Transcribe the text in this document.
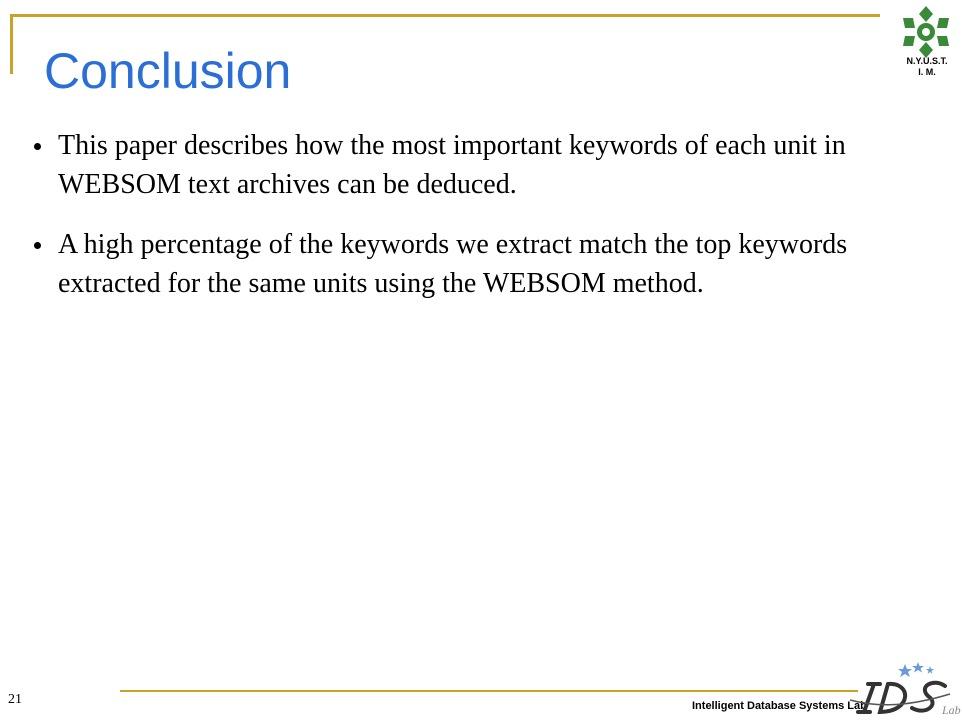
Conclusion	N.Y.U.S.T.
I. M.
This paper describes how the most important keywords of each unit in WEBSOM text archives can be deduced.
A high percentage of the keywords we extract match the top keywords extracted for the same units using the WEBSOM method.
21	Intelligent Database Systems Lab	Lab
